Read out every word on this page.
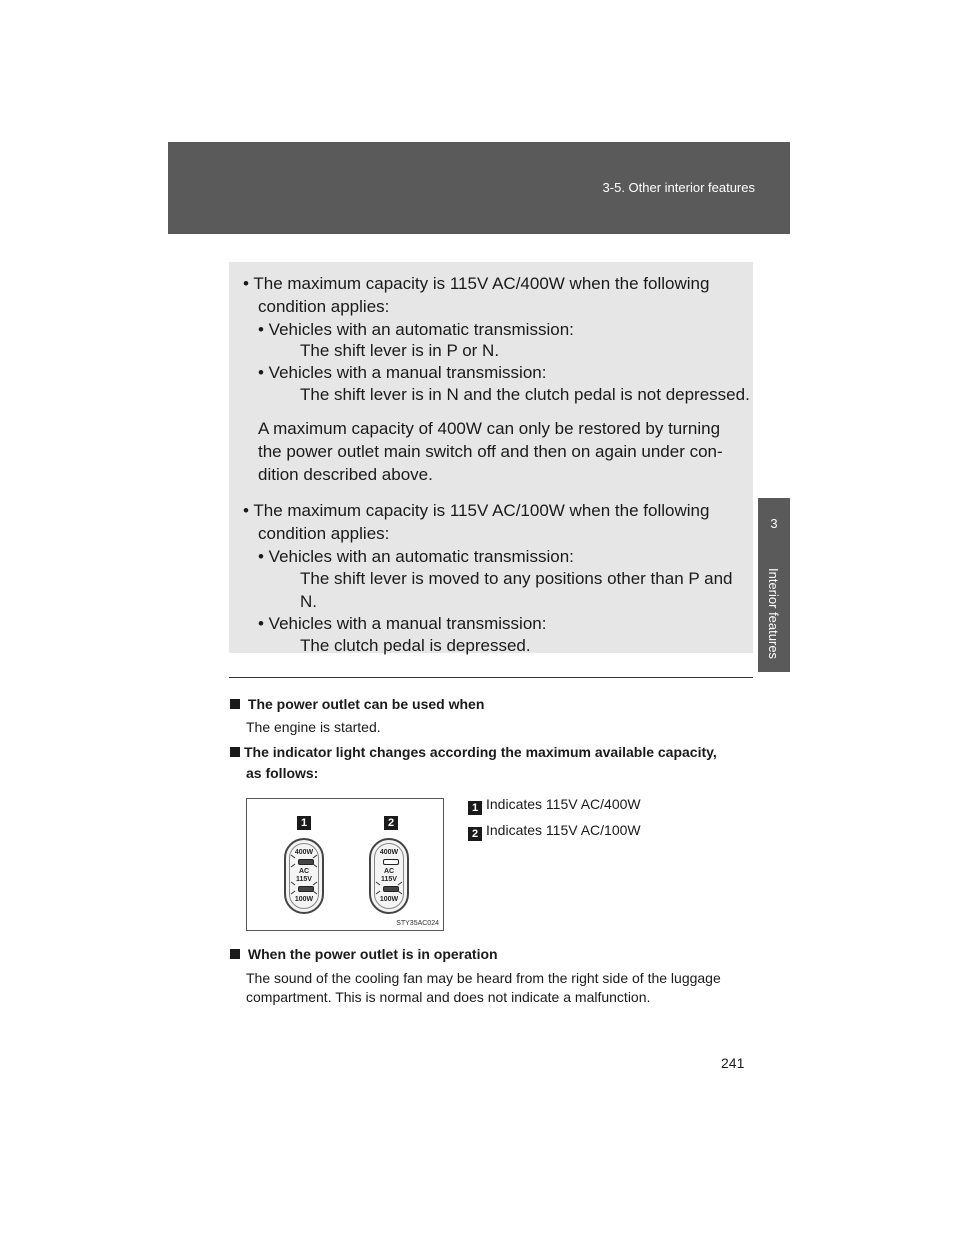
3-5. Other interior features
3
Interior features
• The maximum capacity is 115V AC/400W when the following
condition applies:
• Vehicles with an automatic transmission:
The shift lever is in P or N.
• Vehicles with a manual transmission:
The shift lever is in N and the clutch pedal is not depressed.
A maximum capacity of 400W can only be restored by turning
the power outlet main switch off and then on again under con-
dition described above.
• The maximum capacity is 115V AC/100W when the following
condition applies:
• Vehicles with an automatic transmission:
The shift lever is moved to any positions other than P and
N.
• Vehicles with a manual transmission:
The clutch pedal is depressed.
The power outlet can be used when
The engine is started.
The indicator light changes according the maximum available capacity,
as follows:
1	2
400W
AC
115V
100W
400W
AC
115V
100W
STY35AC024
1 Indicates 115V AC/400W
2 Indicates 115V AC/100W
When the power outlet is in operation
The sound of the cooling fan may be heard from the right side of the luggage
compartment. This is normal and does not indicate a malfunction.
241
